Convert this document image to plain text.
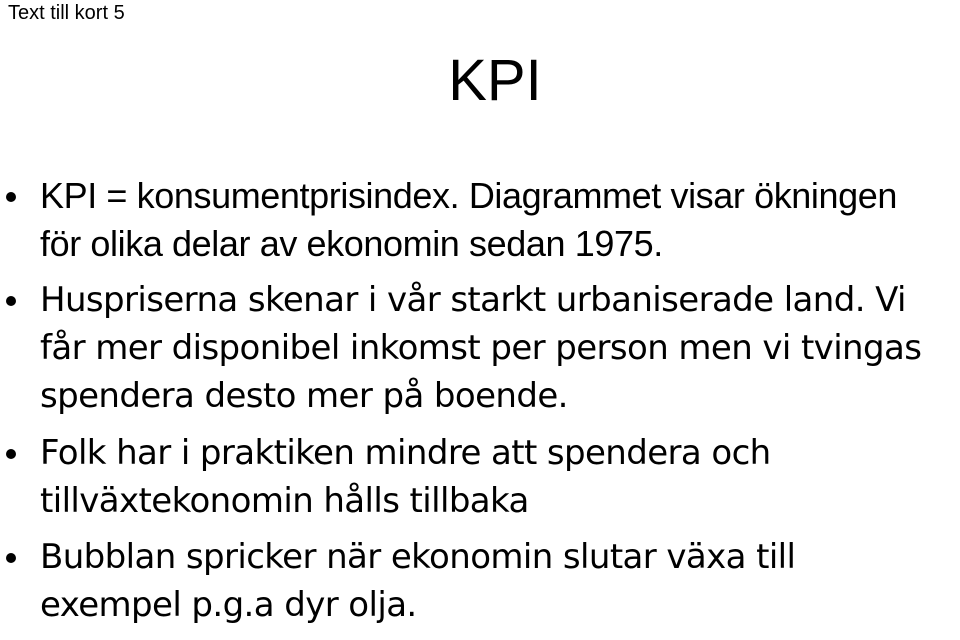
Text till kort 5
KPI
KPI = konsumentprisindex. Diagrammet visar ökningen för olika delar av ekonomin sedan 1975.
Huspriserna skenar i vår starkt urbaniserade land. Vi får mer disponibel inkomst per person men vi tvingas spendera desto mer på boende.
Folk har i praktiken mindre att spendera och tillväxtekonomin hålls tillbaka
Bubblan spricker när ekonomin slutar växa till exempel p.g.a dyr olja.
